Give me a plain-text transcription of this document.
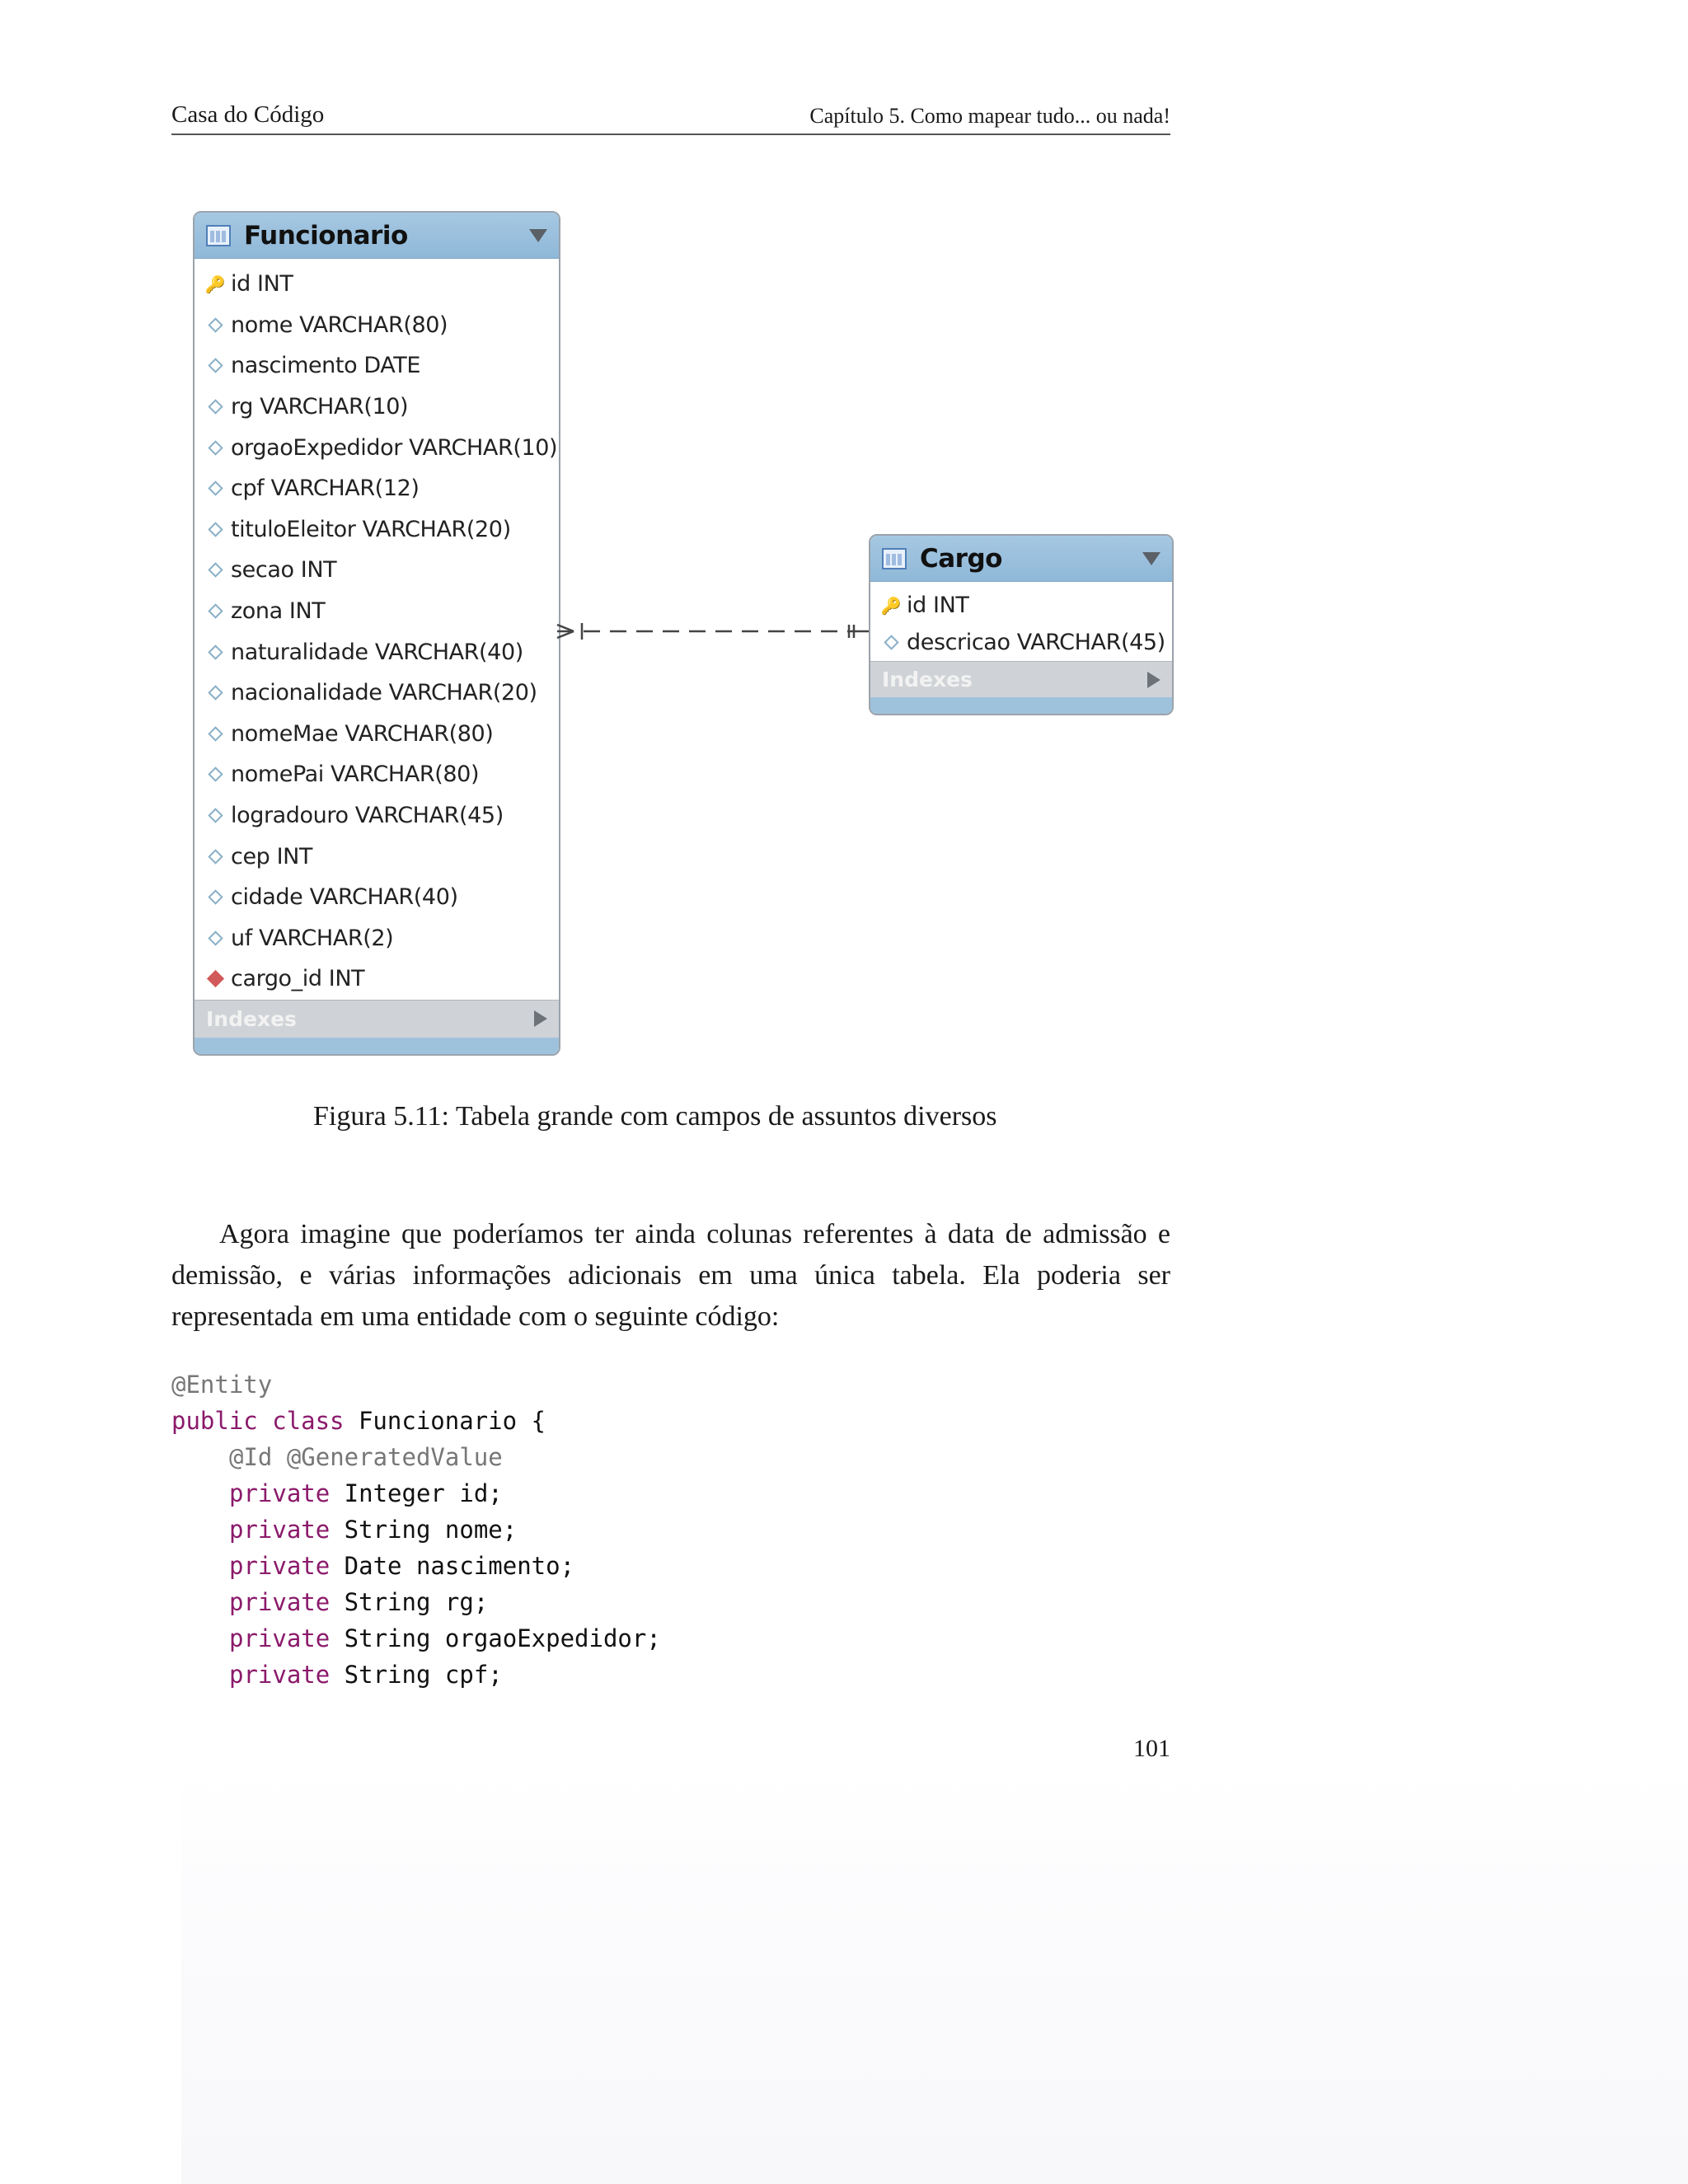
Casa do Código	Capítulo 5. Como mapear tudo... ou nada!
Funcionario
🔑 id INT
nome VARCHAR(80)
nascimento DATE
rg VARCHAR(10)
orgaoExpedidor VARCHAR(10)
cpf VARCHAR(12)
tituloEleitor VARCHAR(20)
secao INT
zona INT
naturalidade VARCHAR(40)
nacionalidade VARCHAR(20)
nomeMae VARCHAR(80)
nomePai VARCHAR(80)
logradouro VARCHAR(45)
cep INT
cidade VARCHAR(40)
uf VARCHAR(2)
cargo_id INT
Indexes
Cargo
🔑 id INT
descricao VARCHAR(45)
Indexes
Figura 5.11: Tabela grande com campos de assuntos diversos

Agora imagine que poderíamos ter ainda colunas referentes à data de admissão e demissão, e várias informações adicionais em uma única tabela. Ela poderia ser representada em uma entidade com o seguinte código:

@Entity
public class Funcionario {
@Id @GeneratedValue
private Integer id;
private String nome;
private Date nascimento;
private String rg;
private String orgaoExpedidor;
private String cpf;
101
